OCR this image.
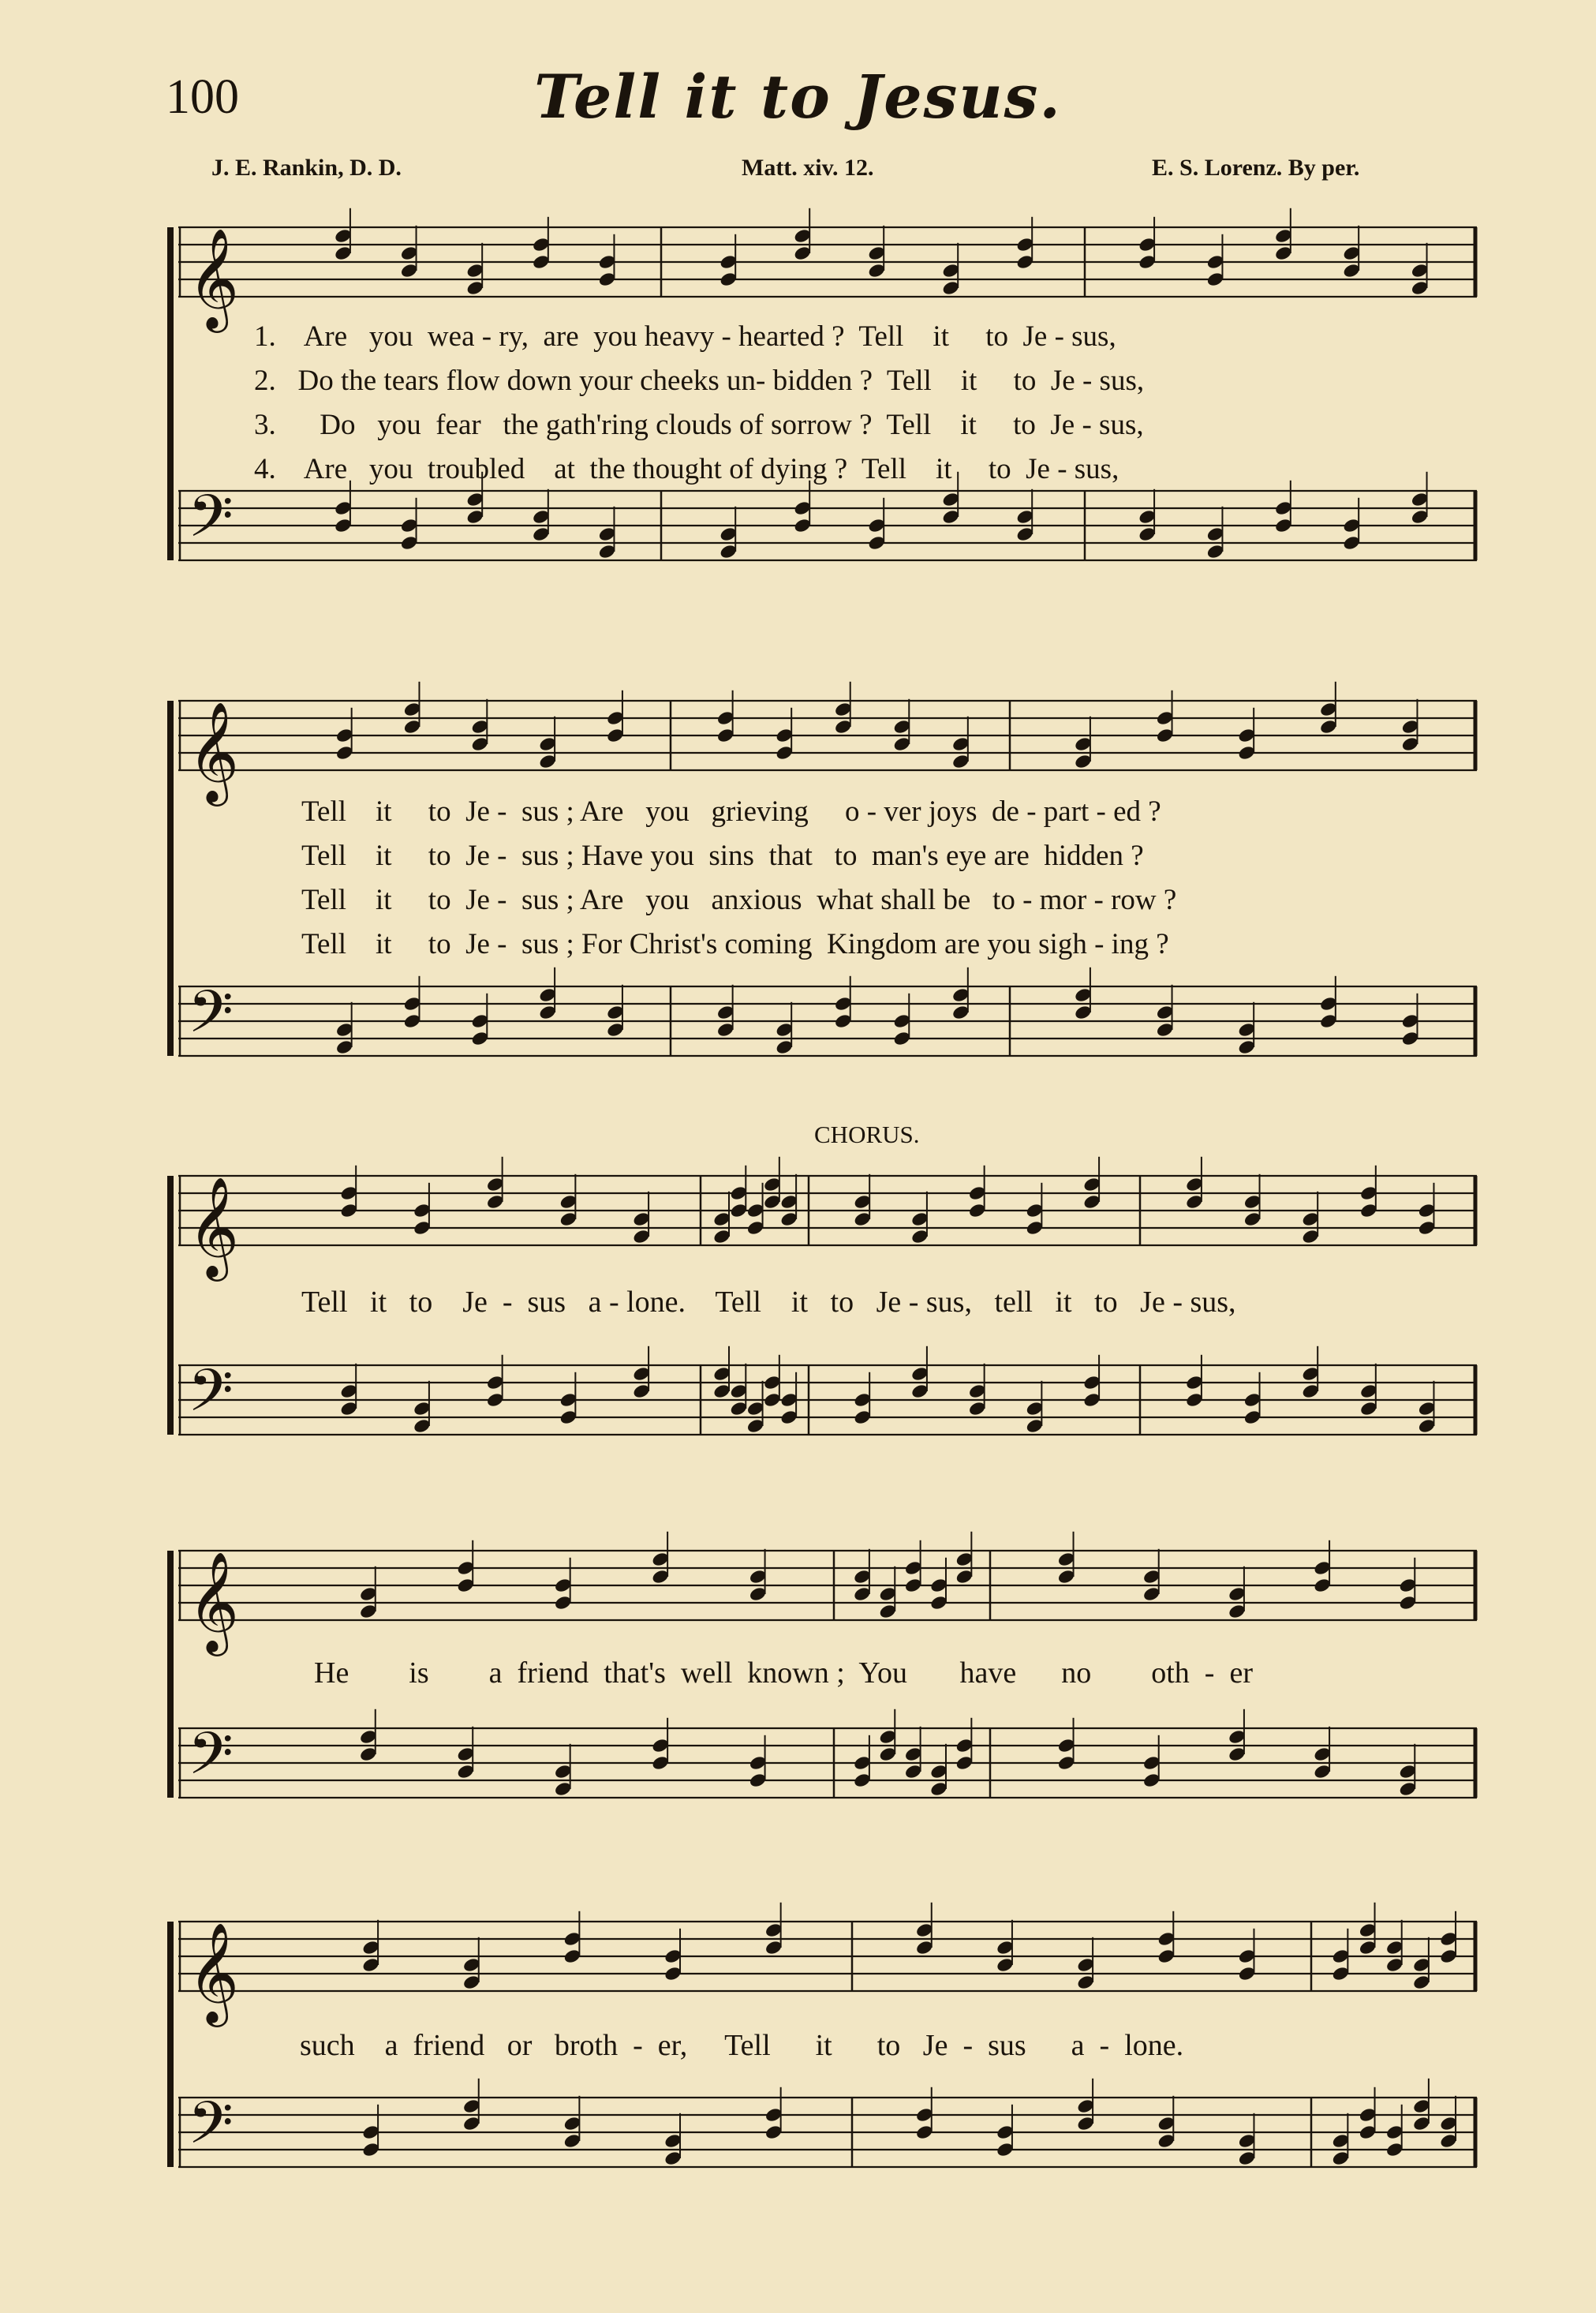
100	Tell it to Jesus.
J. E. Rankin, D. D.	Matt. xiv. 12.	E. S. Lorenz. By per.
𝄞
𝄢
𝄞
𝄢
𝄞
𝄢
𝄞
𝄢
𝄞
𝄢
1.    Are   you  wea - ry,  are  you heavy - hearted ?  Tell    it     to  Je - sus,
2.   Do the tears flow down your cheeks un- bidden ?  Tell    it     to  Je - sus,
3.      Do   you  fear   the gath'ring clouds of sorrow ?  Tell    it     to  Je - sus,
4.    Are   you  troubled    at  the thought of dying ?  Tell    it     to  Je - sus,
Tell    it     to  Je -  sus ; Are   you   grieving     o - ver joys  de - part - ed ?
Tell    it     to  Je -  sus ; Have you  sins  that   to  man's eye are  hidden ?
Tell    it     to  Je -  sus ; Are   you   anxious  what shall be   to - mor - row ?
Tell    it     to  Je -  sus ; For Christ's coming  Kingdom are you sigh - ing ?
CHORUS.
Tell   it   to    Je  -  sus   a - lone.    Tell    it   to   Je - sus,   tell   it   to   Je - sus,
He        is        a  friend  that's  well  known ;  You       have      no        oth  -  er
such    a  friend   or   broth  -  er,     Tell      it      to   Je  -  sus      a  -  lone.
